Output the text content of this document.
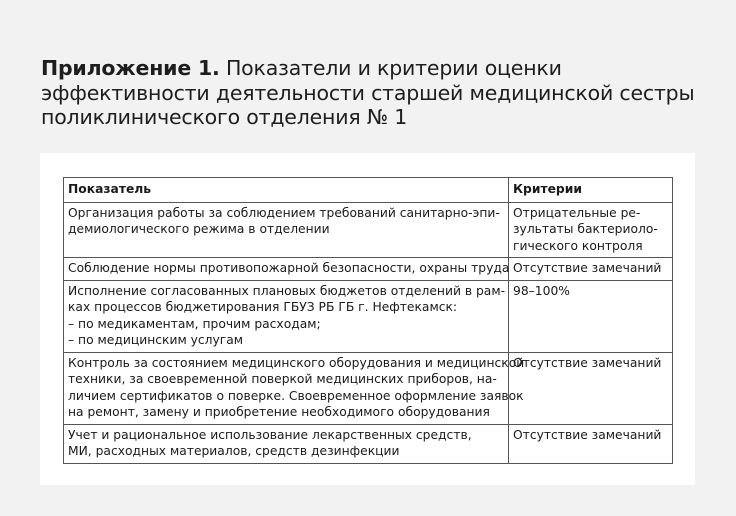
Приложение 1. Показатели и критерии оценки
эффективности деятельности старшей медицинской сестры
поликлинического отделения № 1
Показатель	Критерии

Организация работы за соблюдением требований санитарно-эпи-
демиологического режима в отделении	Отрицательные ре-
зультаты бактериоло-
гического контроля

Соблюдение нормы противопожарной безопасности, охраны труда	Отсутствие замечаний

Исполнение согласованных плановых бюджетов отделений в рам-
ках процессов бюджетирования ГБУЗ РБ ГБ г. Нефтекамск:
– по медикаментам, прочим расходам;
– по медицинским услугам	98–100%

Контроль за состоянием медицинского оборудования и медицинской
техники, за своевременной поверкой медицинских приборов, на-
личием сертификатов о поверке. Своевременное оформление заявок
на ремонт, замену и приобретение необходимого оборудования	Отсутствие замечаний

Учет и рациональное использование лекарственных средств,
МИ, расходных материалов, средств дезинфекции	Отсутствие замечаний
